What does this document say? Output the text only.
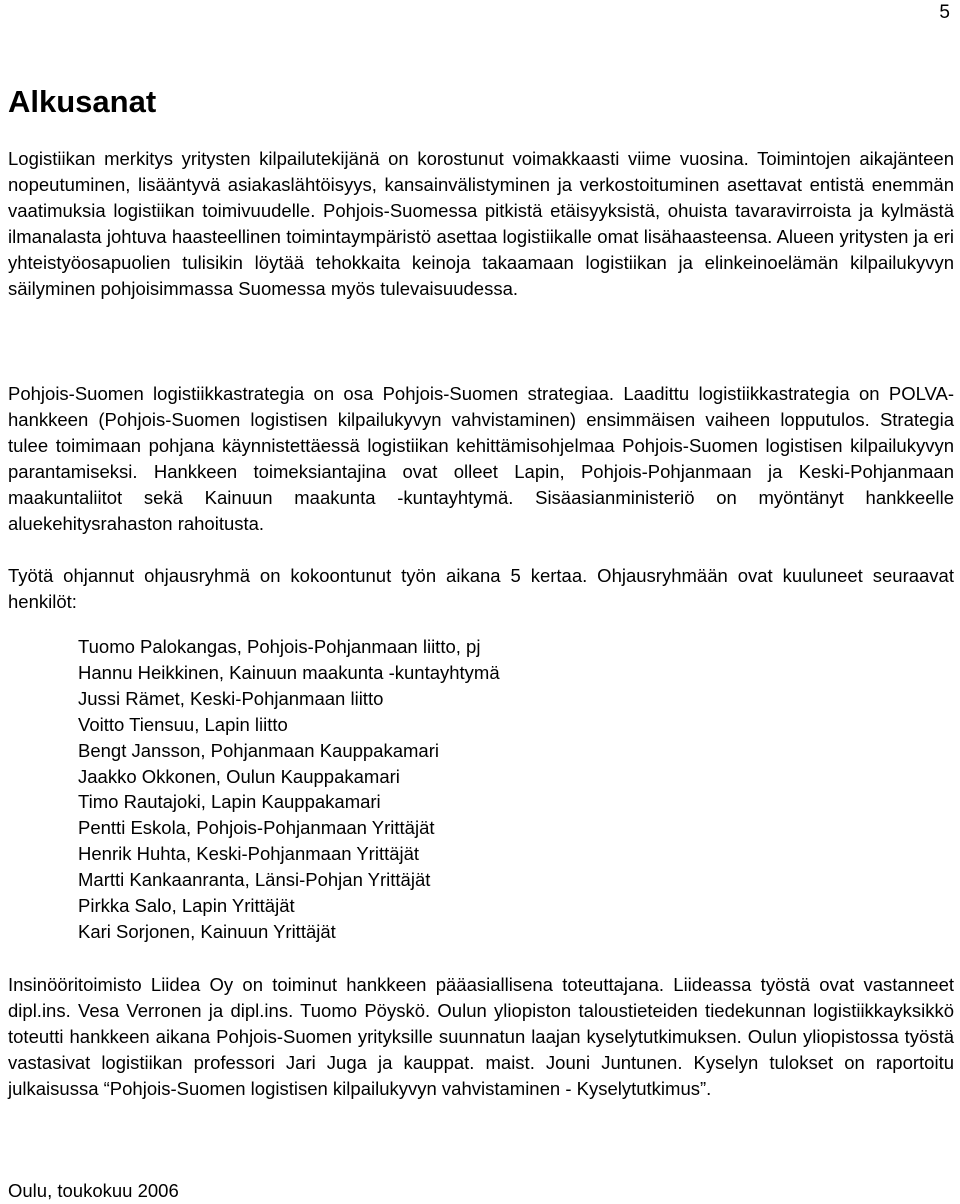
5
Alkusanat

Logistiikan merkitys yritysten kilpailutekijänä on korostunut voimakkaasti viime vuosina. Toimintojen aikajänteen nopeutuminen, lisääntyvä asiakaslähtöisyys, kansainvälistyminen ja verkostoituminen asettavat entistä enemmän vaatimuksia logistiikan toimivuudelle. Pohjois-Suomessa pitkistä etäisyyksistä, ohuista tavaravirroista ja kylmästä ilmanalasta johtuva haasteellinen toimintaympäristö asettaa logistiikalle omat lisähaasteensa. Alueen yritysten ja eri yhteistyöosapuolien tulisikin löytää tehokkaita keinoja takaamaan logistiikan ja elinkeinoelämän kilpailukyvyn säilyminen pohjoisimmassa Suomessa myös tulevaisuudessa.

Pohjois-Suomen logistiikkastrategia on osa Pohjois-Suomen strategiaa. Laadittu logistiikkastrategia on POLVA-hankkeen (Pohjois-Suomen logistisen kilpailukyvyn vahvistaminen) ensimmäisen vaiheen lopputulos. Strategia tulee toimimaan pohjana käynnistettäessä logistiikan kehittämisohjelmaa Pohjois-Suomen logistisen kilpailukyvyn parantamiseksi. Hankkeen toimeksiantajina ovat olleet Lapin, Pohjois-Pohjanmaan ja Keski-Pohjanmaan maakuntaliitot sekä Kainuun maakunta -kuntayhtymä. Sisäasianministeriö on myöntänyt hankkeelle aluekehitysrahaston rahoitusta.

Työtä ohjannut ohjausryhmä on kokoontunut työn aikana 5 kertaa. Ohjausryhmään ovat kuuluneet seuraavat henkilöt:

Tuomo Palokangas, Pohjois-Pohjanmaan liitto, pj
Hannu Heikkinen, Kainuun maakunta -kuntayhtymä
Jussi Rämet, Keski-Pohjanmaan liitto
Voitto Tiensuu, Lapin liitto
Bengt Jansson, Pohjanmaan Kauppakamari
Jaakko Okkonen, Oulun Kauppakamari
Timo Rautajoki, Lapin Kauppakamari
Pentti Eskola, Pohjois-Pohjanmaan Yrittäjät
Henrik Huhta, Keski-Pohjanmaan Yrittäjät
Martti Kankaanranta, Länsi-Pohjan Yrittäjät
Pirkka Salo, Lapin Yrittäjät
Kari Sorjonen, Kainuun Yrittäjät

Insinööritoimisto Liidea Oy on toiminut hankkeen pääasiallisena toteuttajana. Liideassa työstä ovat vastanneet dipl.ins. Vesa Verronen ja dipl.ins. Tuomo Pöyskö. Oulun yliopiston taloustieteiden tiedekunnan logistiikkayksikkö toteutti hankkeen aikana Pohjois-Suomen yrityksille suunnatun laajan kyselytutkimuksen. Oulun yliopistossa työstä vastasivat logistiikan professori Jari Juga ja kauppat. maist. Jouni Juntunen. Kyselyn tulokset on raportoitu julkaisussa “Pohjois-Suomen logistisen kilpailukyvyn vahvistaminen - Kyselytutkimus”.

Oulu, toukokuu 2006
